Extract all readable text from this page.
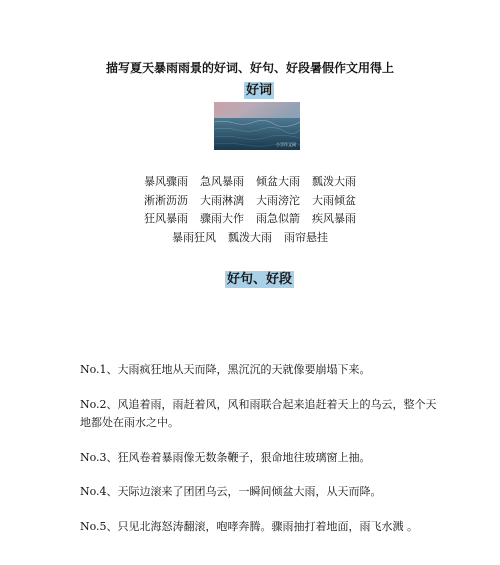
描写夏天暴雨雨景的好词、好句、好段暑假作文用得上
好词
小学作文网
暴风骤雨 急风暴雨 倾盆大雨 瓢泼大雨
淅淅沥沥 大雨淋漓 大雨滂沱 大雨倾盆
狂风暴雨 骤雨大作 雨急似箭 疾风暴雨
暴雨狂风 瓢泼大雨 雨帘悬挂
好句、好段

No.1、大雨疯狂地从天而降，黑沉沉的天就像要崩塌下来。

No.2、风追着雨，雨赶着风，风和雨联合起来追赶着天上的乌云，整个天地都处在雨水之中。

No.3、狂风卷着暴雨像无数条鞭子，狠命地往玻璃窗上抽。

No.4、天际边滚来了团团乌云，一瞬间倾盆大雨，从天而降。

No.5、只见北海怒涛翻滚，咆哮奔腾。骤雨抽打着地面，雨飞水溅 。
